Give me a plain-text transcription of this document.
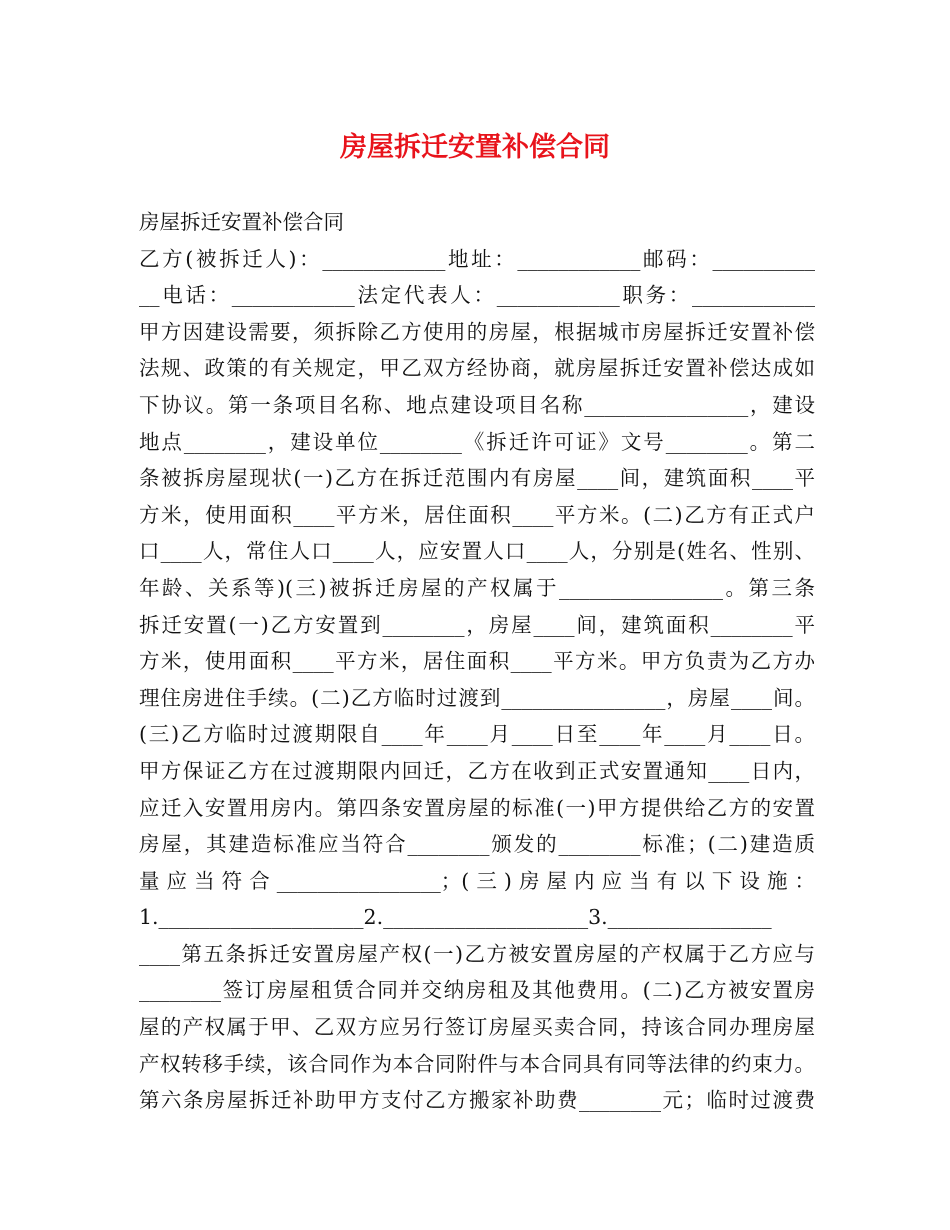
房屋拆迁安置补偿合同
房屋拆迁安置补偿合同
乙方(被拆迁人)：____________地址：____________邮码：__________
__电话：____________法定代表人：____________职务：____________
甲方因建设需要，须拆除乙方使用的房屋，根据城市房屋拆迁安置补偿
法规、政策的有关规定，甲乙双方经协商，就房屋拆迁安置补偿达成如
下协议。第一条项目名称、地点建设项目名称________________，建设
地点________，建设单位________《拆迁许可证》文号________。第二
条被拆房屋现状(一)乙方在拆迁范围内有房屋____间，建筑面积____平
方米，使用面积____平方米，居住面积____平方米。(二)乙方有正式户
口____人，常住人口____人，应安置人口____人，分别是(姓名、性别、
年龄、关系等)(三)被拆迁房屋的产权属于________________。第三条
拆迁安置(一)乙方安置到________，房屋____间，建筑面积________平
方米，使用面积____平方米，居住面积____平方米。甲方负责为乙方办
理住房进住手续。(二)乙方临时过渡到________________，房屋____间。
(三)乙方临时过渡期限自____年____月____日至____年____月____日。
甲方保证乙方在过渡期限内回迁，乙方在收到正式安置通知____日内，
应迁入安置用房内。第四条安置房屋的标准(一)甲方提供给乙方的安置
房屋，其建造标准应当符合________颁发的________标准；(二)建造质
量应当符合________________；(三)房屋内应当有以下设施：
1.____________________2.____________________3.________________
____第五条拆迁安置房屋产权(一)乙方被安置房屋的产权属于乙方应与
________签订房屋租赁合同并交纳房租及其他费用。(二)乙方被安置房
屋的产权属于甲、乙双方应另行签订房屋买卖合同，持该合同办理房屋
产权转移手续，该合同作为本合同附件与本合同具有同等法律的约束力。
第六条房屋拆迁补助甲方支付乙方搬家补助费________元；临时过渡费
